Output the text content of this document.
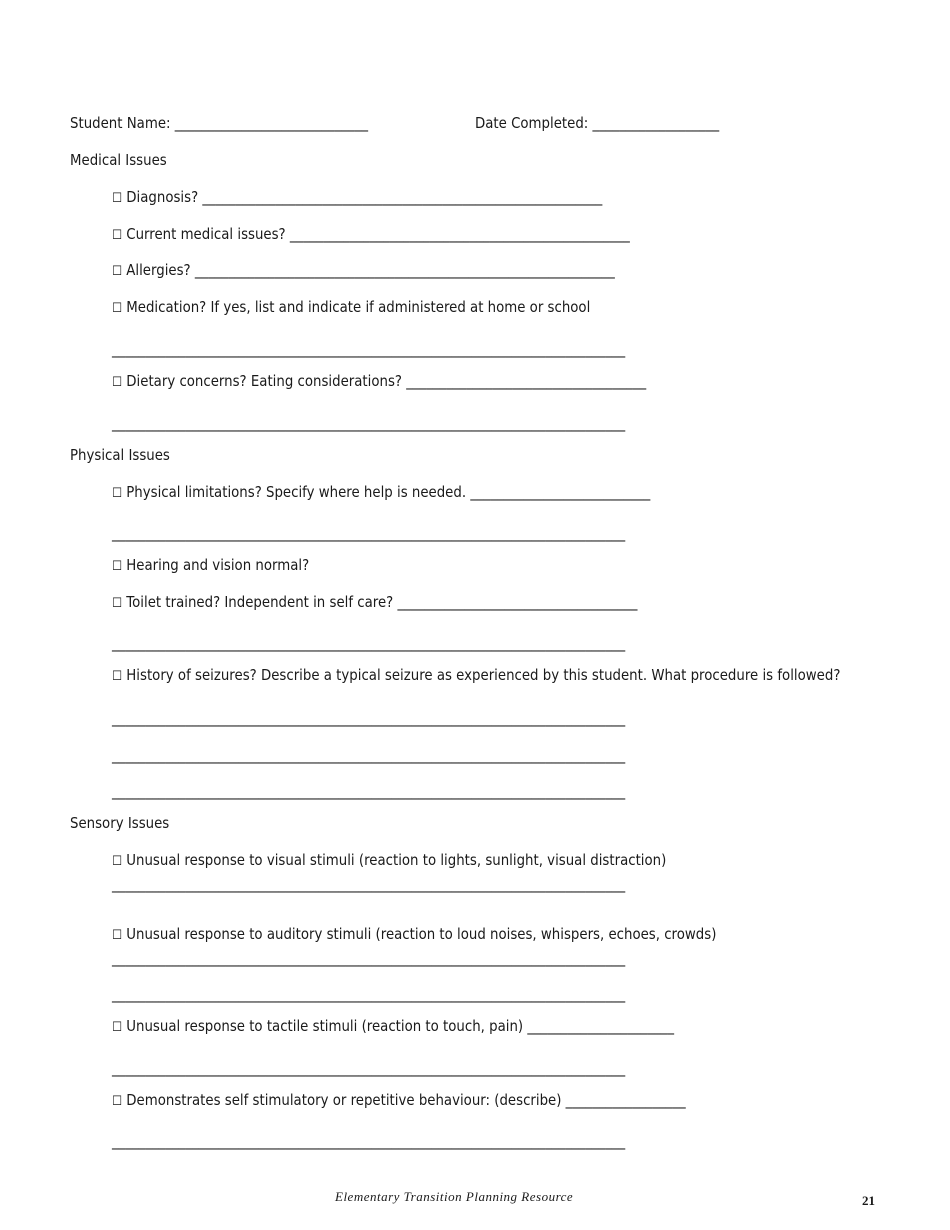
Student Name: _____________________________	Date Completed: ___________________
Medical Issues
☐ Diagnosis? ____________________________________________________________
☐ Current medical issues? ___________________________________________________
☐ Allergies? _______________________________________________________________
☐ Medication? If yes, list and indicate if administered at home or school
_____________________________________________________________________________
☐ Dietary concerns? Eating considerations? ____________________________________
_____________________________________________________________________________
Physical Issues
☐ Physical limitations? Specify where help is needed. ___________________________
_____________________________________________________________________________
☐ Hearing and vision normal?
☐ Toilet trained? Independent in self care? ____________________________________
_____________________________________________________________________________
☐ History of seizures? Describe a typical seizure as experienced by this student. What procedure is followed?
_____________________________________________________________________________
_____________________________________________________________________________
_____________________________________________________________________________
Sensory Issues
☐ Unusual response to visual stimuli (reaction to lights, sunlight, visual distraction)
_____________________________________________________________________________
☐ Unusual response to auditory stimuli (reaction to loud noises, whispers, echoes, crowds)
_____________________________________________________________________________
_____________________________________________________________________________
☐ Unusual response to tactile stimuli (reaction to touch, pain) ______________________
_____________________________________________________________________________
☐ Demonstrates self stimulatory or repetitive behaviour: (describe) __________________
_____________________________________________________________________________
Elementary Transition Planning Resource	21
